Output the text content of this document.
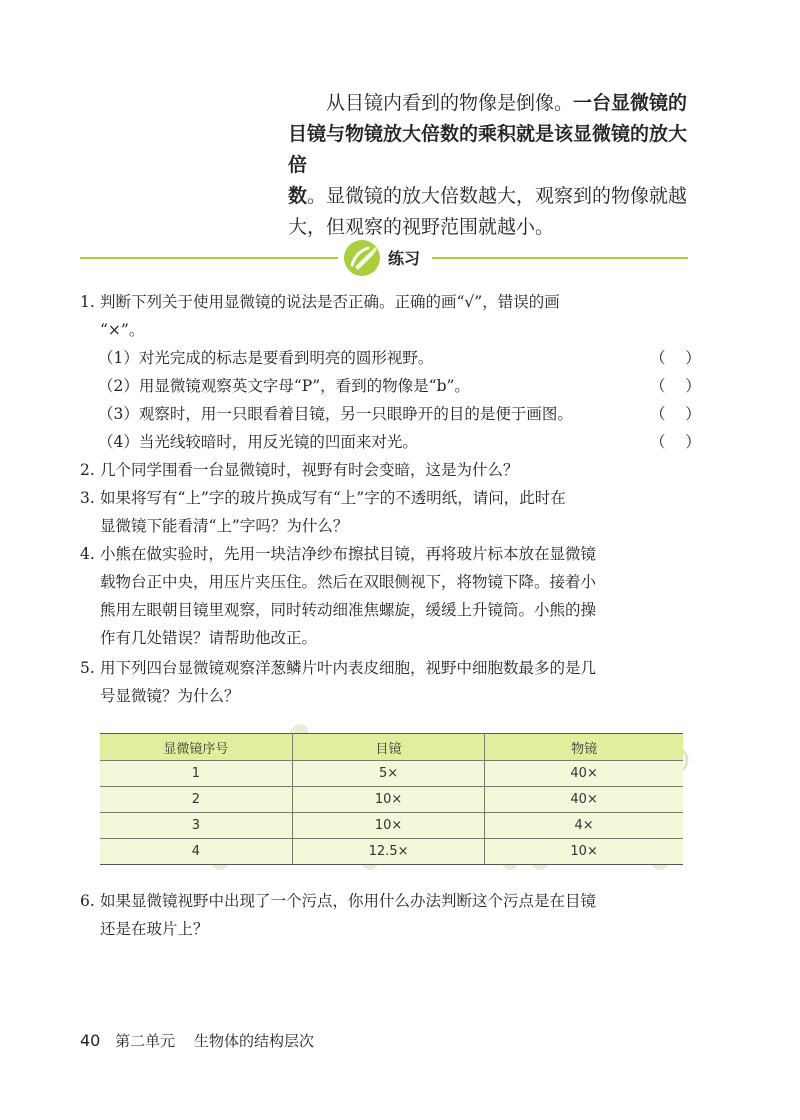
从目镜内看到的物像是倒像。一台显微镜的

目镜与物镜放大倍数的乘积就是该显微镜的放大倍

数。显微镜的放大倍数越大，观察到的物像就越

大，但观察的视野范围就越小。

练习
1. 判断下列关于使用显微镜的说法是否正确。正确的画“√”，错误的画
“×”。
（1）对光完成的标志是要看到明亮的圆形视野。	（    ）
（2）用显微镜观察英文字母“P”，看到的物像是“b”。	（    ）
（3）观察时，用一只眼看着目镜，另一只眼睁开的目的是便于画图。	（    ）
（4）当光线较暗时，用反光镜的凹面来对光。	（    ）
2. 几个同学围看一台显微镜时，视野有时会变暗，这是为什么？
3. 如果将写有“上”字的玻片换成写有“上”字的不透明纸，请问，此时在
显微镜下能看清“上”字吗？为什么？
4. 小熊在做实验时，先用一块洁净纱布擦拭目镜，再将玻片标本放在显微镜
载物台正中央，用压片夹压住。然后在双眼侧视下，将物镜下降。接着小
熊用左眼朝目镜里观察，同时转动细准焦螺旋，缓缓上升镜筒。小熊的操
作有几处错误？请帮助他改正。
5. 用下列四台显微镜观察洋葱鳞片叶内表皮细胞，视野中细胞数最多的是几
号显微镜？为什么？
显微镜序号	目镜	物镜
1	5×	40×
2	10×	40×
3	10×	4×
4	12.5×	10×
6. 如果显微镜视野中出现了一个污点，你用什么办法判断这个污点是在目镜
还是在玻片上？
40 第二单元 生物体的结构层次
